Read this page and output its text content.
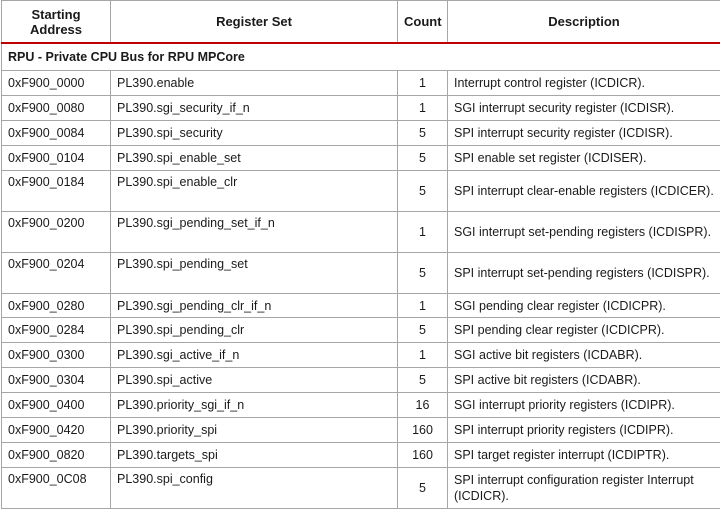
Starting Address	Register Set	Count	Description
RPU - Private CPU Bus for RPU MPCore			
0xF900_0000	PL390.enable	1	Interrupt control register (ICDICR).
0xF900_0080	PL390.sgi_security_if_n	1	SGI interrupt security register (ICDISR).
0xF900_0084	PL390.spi_security	5	SPI interrupt security register (ICDISR).
0xF900_0104	PL390.spi_enable_set	5	SPI enable set register (ICDISER).
0xF900_0184	PL390.spi_enable_clr	5	SPI interrupt clear-enable registers (ICDICER).
0xF900_0200	PL390.sgi_pending_set_if_n	1	SGI interrupt set-pending registers (ICDISPR).
0xF900_0204	PL390.spi_pending_set	5	SPI interrupt set-pending registers (ICDISPR).
0xF900_0280	PL390.sgi_pending_clr_if_n	1	SGI pending clear register (ICDICPR).
0xF900_0284	PL390.spi_pending_clr	5	SPI pending clear register (ICDICPR).
0xF900_0300	PL390.sgi_active_if_n	1	SGI active bit registers (ICDABR).
0xF900_0304	PL390.spi_active	5	SPI active bit registers (ICDABR).
0xF900_0400	PL390.priority_sgi_if_n	16	SGI interrupt priority registers (ICDIPR).
0xF900_0420	PL390.priority_spi	160	SPI interrupt priority registers (ICDIPR).
0xF900_0820	PL390.targets_spi	160	SPI target register interrupt (ICDIPTR).
0xF900_0C08	PL390.spi_config	5	SPI interrupt configuration register Interrupt (ICDICR).
